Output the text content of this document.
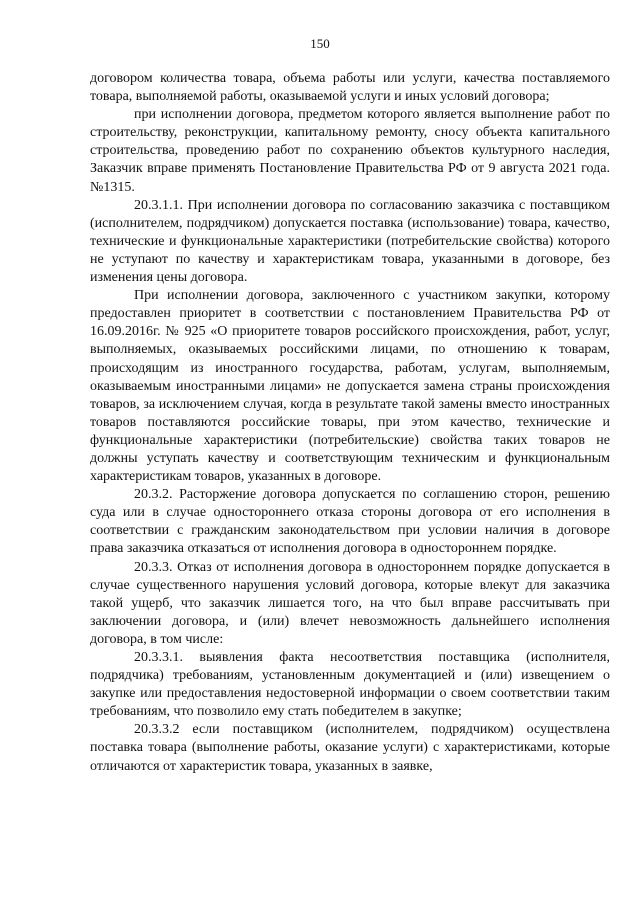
150

договором количества товара, объема работы или услуги, качества поставляемого товара, выполняемой работы, оказываемой услуги и иных условий договора;

при исполнении договора, предметом которого является выполнение работ по строительству, реконструкции, капитальному ремонту, сносу объекта капитального строительства, проведению работ по сохранению объектов культурного наследия, Заказчик вправе применять Постановление Правительства РФ от 9 августа 2021 года. №1315.

20.3.1.1. При исполнении договора по согласованию заказчика с поставщиком (исполнителем, подрядчиком) допускается поставка (использование) товара, качество, технические и функциональные характеристики (потребительские свойства) которого не уступают по качеству и характеристикам товара, указанными в договоре, без изменения цены договора.

При исполнении договора, заключенного с участником закупки, которому предоставлен приоритет в соответствии с постановлением Правительства РФ от 16.09.2016г. № 925 «О приоритете товаров российского происхождения, работ, услуг, выполняемых, оказываемых российскими лицами, по отношению к товарам, происходящим из иностранного государства, работам, услугам, выполняемым, оказываемым иностранными лицами» не допускается замена страны происхождения товаров, за исключением случая, когда в результате такой замены вместо иностранных товаров поставляются российские товары, при этом качество, технические и функциональные характеристики (потребительские) свойства таких товаров не должны уступать качеству и соответствующим техническим и функциональным характеристикам товаров, указанных в договоре.

20.3.2. Расторжение договора допускается по соглашению сторон, решению суда или в случае одностороннего отказа стороны договора от его исполнения в соответствии с гражданским законодательством при условии наличия в договоре права заказчика отказаться от исполнения договора в одностороннем порядке.

20.3.3. Отказ от исполнения договора в одностороннем порядке допускается в случае существенного нарушения условий договора, которые влекут для заказчика такой ущерб, что заказчик лишается того, на что был вправе рассчитывать при заключении договора, и (или) влечет невозможность дальнейшего исполнения договора, в том числе:

20.3.3.1. выявления факта несоответствия поставщика (исполнителя, подрядчика) требованиям, установленным документацией и (или) извещением о закупке или предоставления недостоверной информации о своем соответствии таким требованиям, что позволило ему стать победителем в закупке;

20.3.3.2 если поставщиком (исполнителем, подрядчиком) осуществлена поставка товара (выполнение работы, оказание услуги) с характеристиками, которые отличаются от характеристик товара, указанных в заявке,
